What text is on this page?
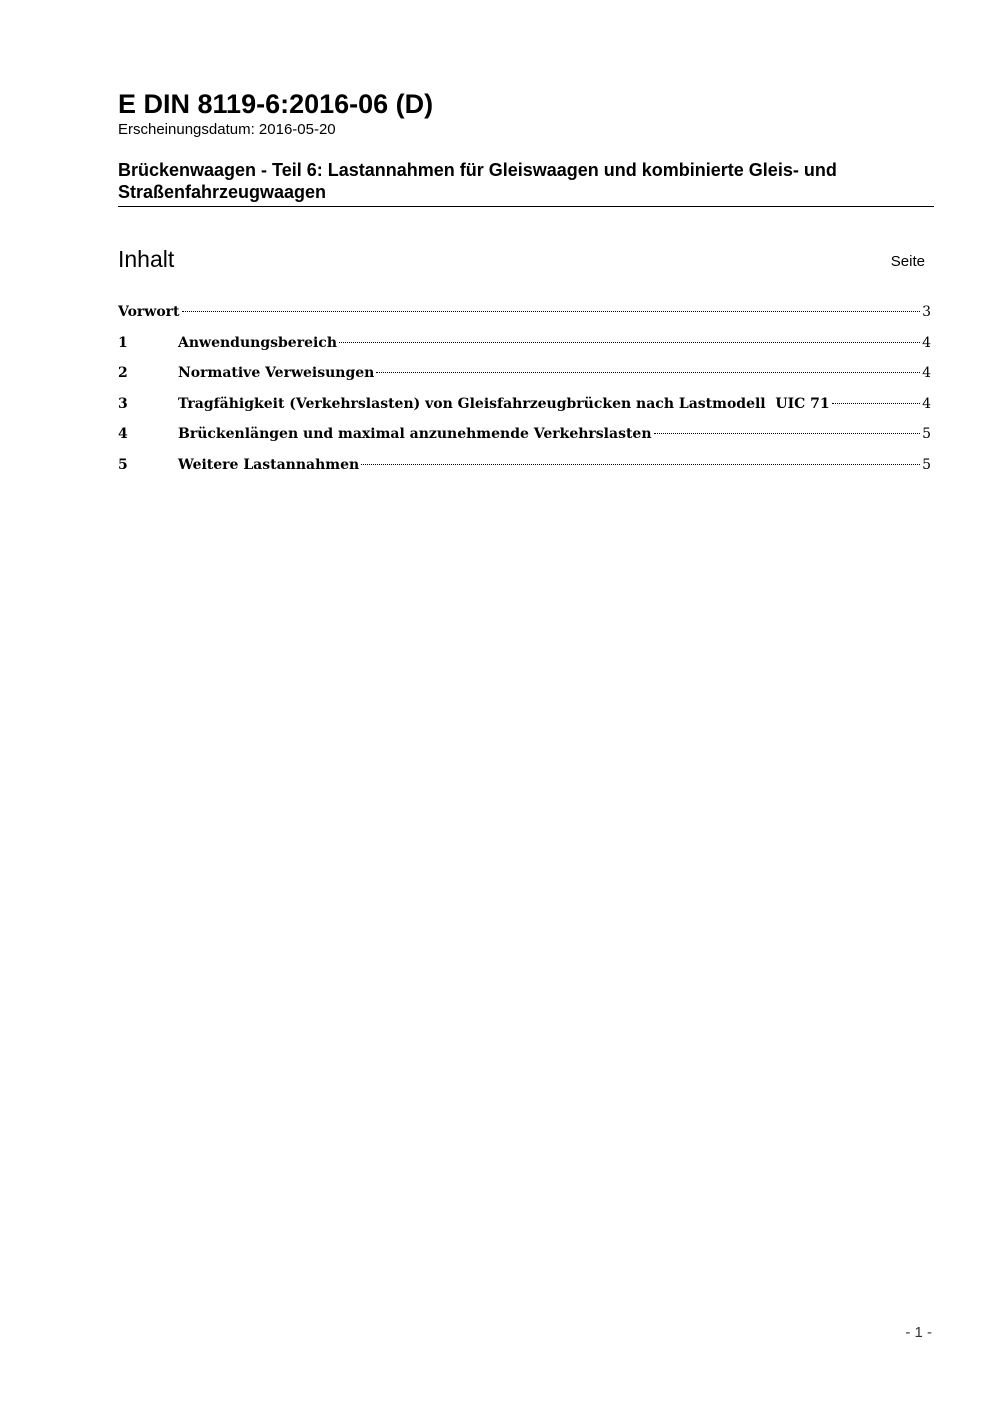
E DIN 8119-6:2016-06 (D)
Erscheinungsdatum: 2016-05-20
Brückenwaagen - Teil 6: Lastannahmen für Gleiswaagen und kombinierte Gleis- und Straßenfahrzeugwaagen
Inhalt	Seite
Vorwort	3
1	Anwendungsbereich	4
2	Normative Verweisungen	4
3	Tragfähigkeit (Verkehrslasten) von Gleisfahrzeugbrücken nach Lastmodell  UIC 71	4
4	Brückenlängen und maximal anzunehmende Verkehrslasten	5
5	Weitere Lastannahmen	5
- 1 -
